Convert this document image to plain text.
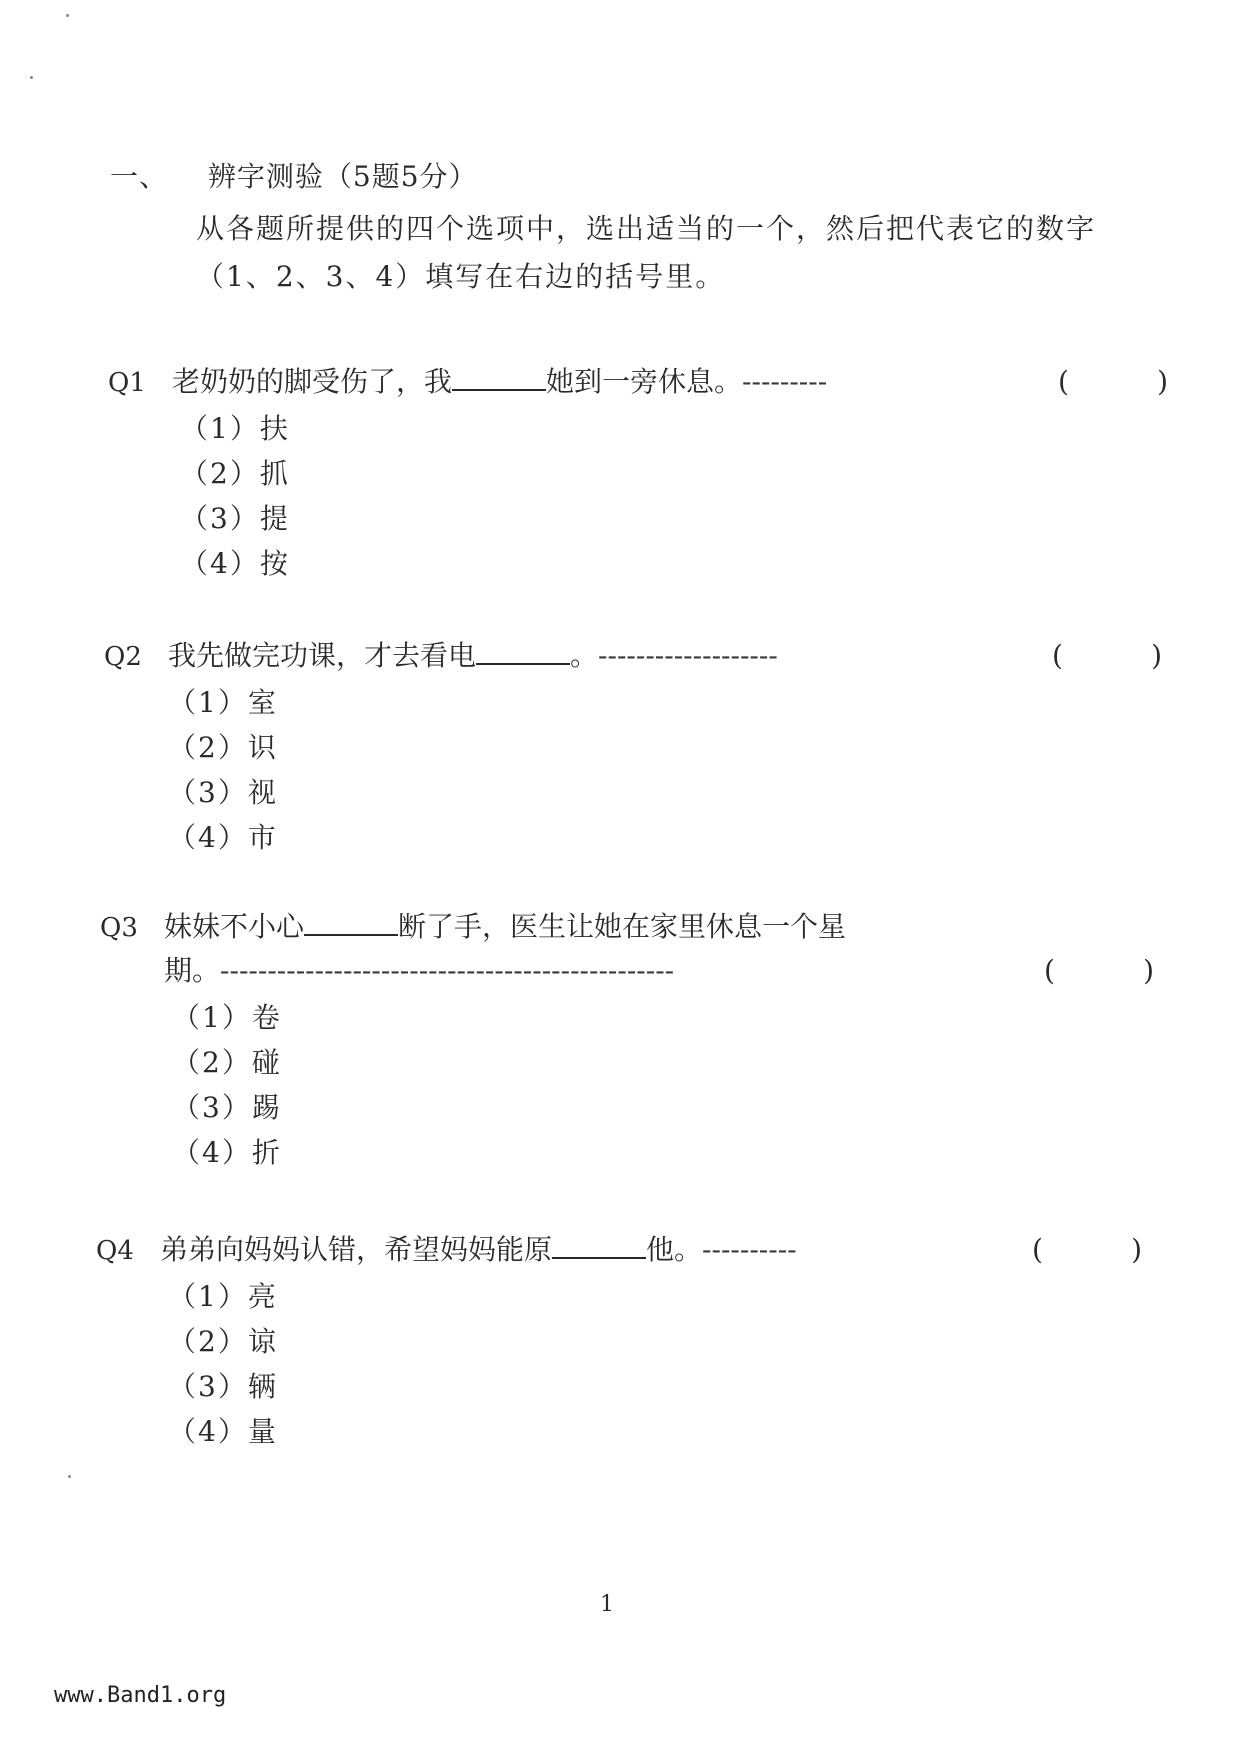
一、 辨字测验（5题5分）
从各题所提供的四个选项中，选出适当的一个，然后把代表它的数字（1、2、3、4）填写在右边的括号里。
Q1 老奶奶的脚受伤了，我	她到一旁休息。---------	(	)
（1）扶
（2）抓
（3）提
（4）按
Q2 我先做完功课，才去看电	。-------------------	(	)
（1）室
（2）识
（3）视
（4）市
Q3 妹妹不小心	断了手，医生让她在家里休息一个星
期。------------------------------------------------	(	)
（1）卷
（2）碰
（3）踢
（4）折
Q4 弟弟向妈妈认错，希望妈妈能原	他。----------	(	)
（1）亮
（2）谅
（3）辆
（4）量
1
www.Band1.org
